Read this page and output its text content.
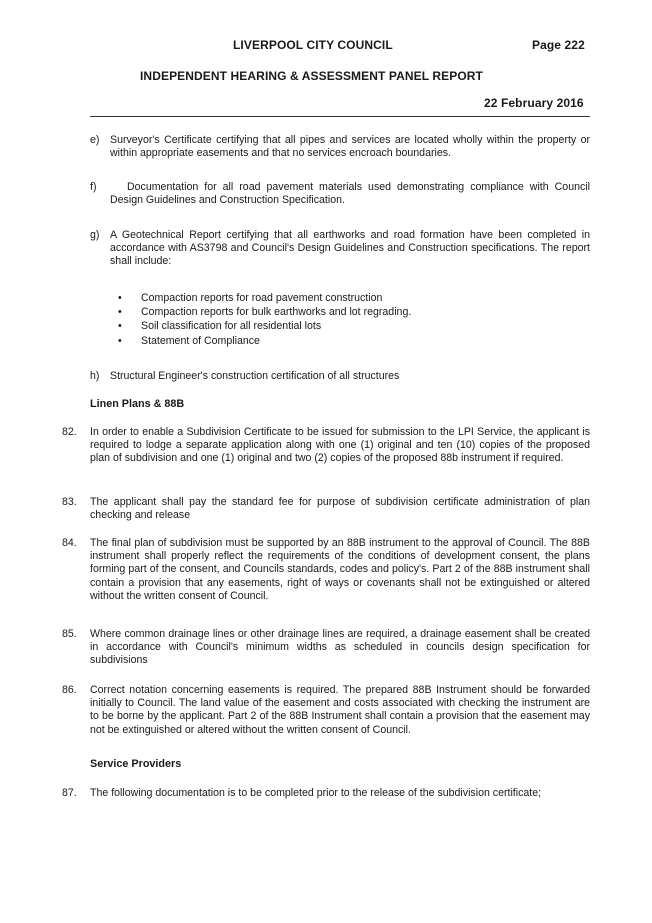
LIVERPOOL CITY COUNCIL	Page 222
INDEPENDENT HEARING & ASSESSMENT PANEL REPORT
22 February 2016
e) Surveyor's Certificate certifying that all pipes and services are located wholly within the property or within appropriate easements and that no services encroach boundaries.
f)	Documentation for all road pavement materials used demonstrating compliance with Council Design Guidelines and Construction Specification.
g) A Geotechnical Report certifying that all earthworks and road formation have been completed in accordance with AS3798 and Council's Design Guidelines and Construction specifications. The report shall include:
• Compaction reports for road pavement construction
• Compaction reports for bulk earthworks and lot regrading.
• Soil classification for all residential lots
• Statement of Compliance
h) Structural Engineer's construction certification of all structures
Linen Plans & 88B
82. In order to enable a Subdivision Certificate to be issued for submission to the LPI Service, the applicant is required to lodge a separate application along with one (1) original and ten (10) copies of the proposed plan of subdivision and one (1) original and two (2) copies of the proposed 88b instrument if required.
83. The applicant shall pay the standard fee for purpose of subdivision certificate administration of plan checking and release
84. The final plan of subdivision must be supported by an 88B instrument to the approval of Council. The 88B instrument shall properly reflect the requirements of the conditions of development consent, the plans forming part of the consent, and Councils standards, codes and policy's. Part 2 of the 88B instrument shall contain a provision that any easements, right of ways or covenants shall not be extinguished or altered without the written consent of Council.
85. Where common drainage lines or other drainage lines are required, a drainage easement shall be created in accordance with Council's minimum widths as scheduled in councils design specification for subdivisions
86. Correct notation concerning easements is required. The prepared 88B Instrument should be forwarded initially to Council. The land value of the easement and costs associated with checking the instrument are to be borne by the applicant. Part 2 of the 88B Instrument shall contain a provision that the easement may not be extinguished or altered without the written consent of Council.
Service Providers
87. The following documentation is to be completed prior to the release of the subdivision certificate;
